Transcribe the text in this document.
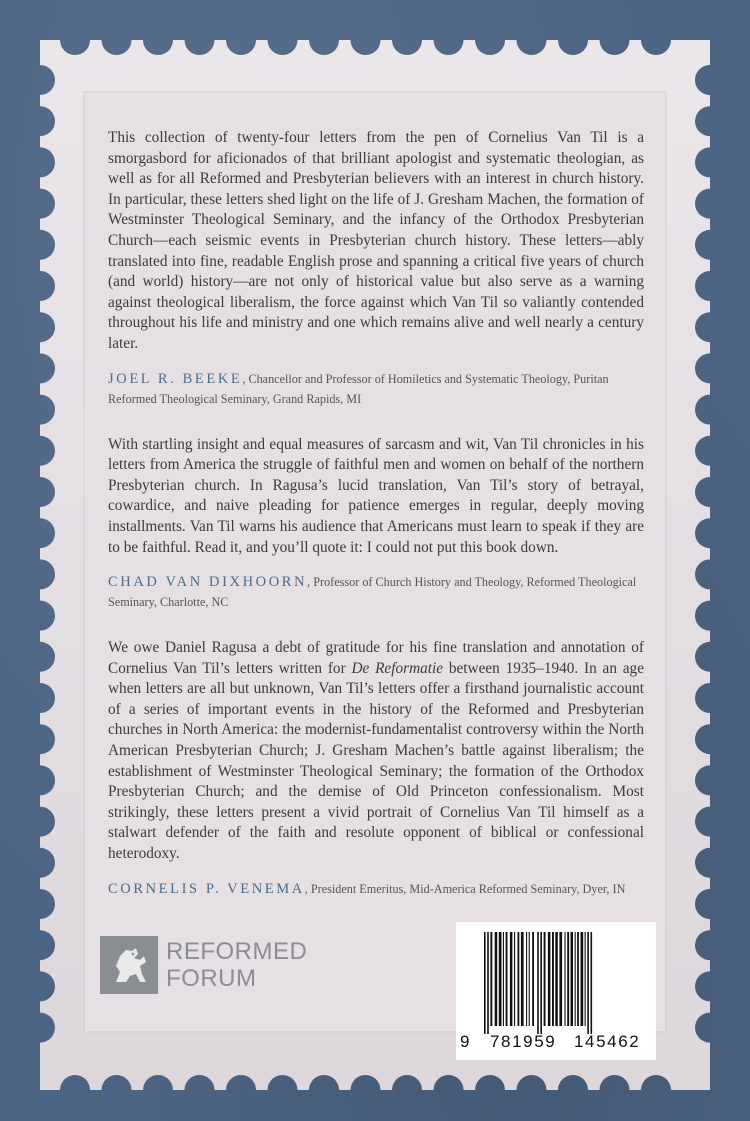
This collection of twenty-four letters from the pen of Cornelius Van Til is a smorgasbord for aficionados of that brilliant apologist and systematic theologian, as well as for all Reformed and Presbyterian believers with an interest in church history. In particular, these letters shed light on the life of J. Gresham Machen, the formation of Westminster Theological Seminary, and the infancy of the Orthodox Presbyterian Church—each seismic events in Presbyterian church history. These letters—ably translated into fine, readable English prose and spanning a critical five years of church (and world) history—are not only of historical value but also serve as a warning against theological liberalism, the force against which Van Til so valiantly contended throughout his life and ministry and one which remains alive and well nearly a century later.

JOEL R. BEEKE, Chancellor and Professor of Homiletics and Systematic Theology, Puritan Reformed Theological Seminary, Grand Rapids, MI

With startling insight and equal measures of sarcasm and wit, Van Til chronicles in his letters from America the struggle of faithful men and women on behalf of the northern Presbyterian church. In Ragusa’s lucid translation, Van Til’s story of betrayal, cowardice, and naive pleading for patience emerges in regular, deeply moving installments. Van Til warns his audience that Americans must learn to speak if they are to be faithful. Read it, and you’ll quote it: I could not put this book down.

CHAD VAN DIXHOORN, Professor of Church History and Theology, Reformed Theological Seminary, Charlotte, NC

We owe Daniel Ragusa a debt of gratitude for his fine translation and annotation of Cornelius Van Til’s letters written for De Reformatie between 1935–1940. In an age when letters are all but unknown, Van Til’s letters offer a firsthand journalistic account of a series of important events in the history of the Reformed and Presbyterian churches in North America: the modernist-fundamentalist controversy within the North American Presbyterian Church; J. Gresham Machen’s battle against liberalism; the establishment of Westminster Theological Seminary; the formation of the Orthodox Presbyterian Church; and the demise of Old Princeton confessionalism. Most strikingly, these letters present a vivid portrait of Cornelius Van Til himself as a stalwart defender of the faith and resolute opponent of biblical or confessional heterodoxy.

CORNELIS P. VENEMA, President Emeritus, Mid-America Reformed Seminary, Dyer, IN

REFORMED
FORUM
9 781959 145462
